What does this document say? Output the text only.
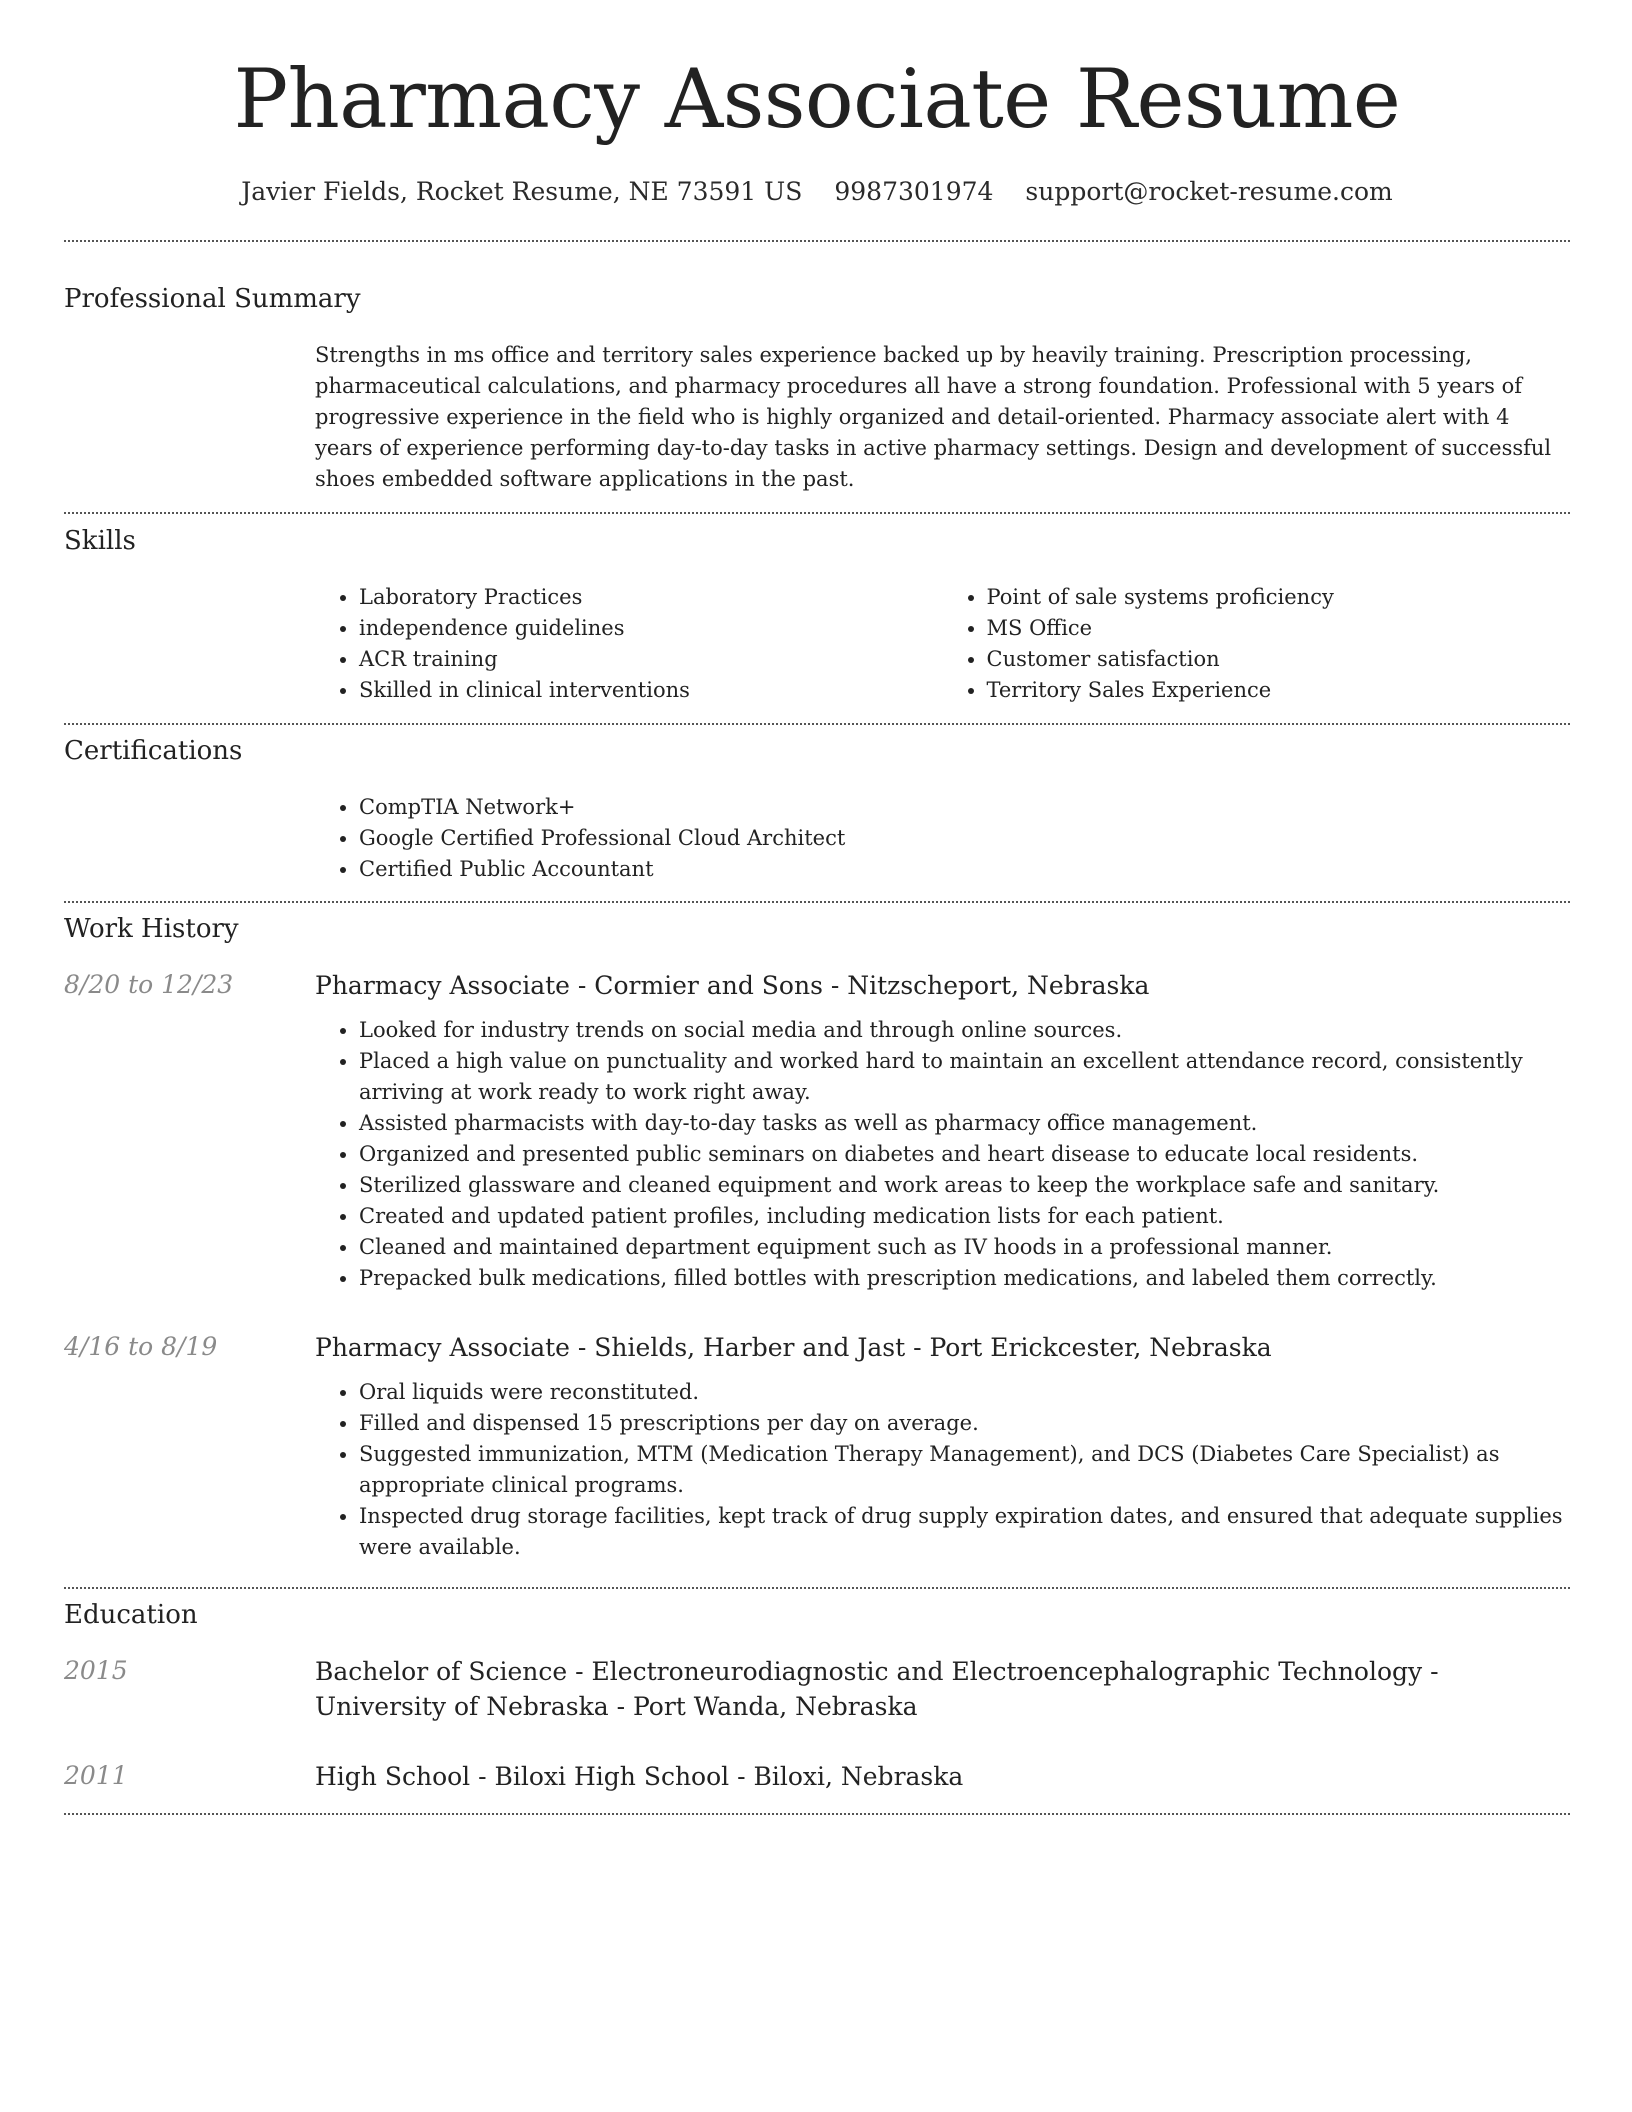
Pharmacy Associate Resume
Javier Fields, Rocket Resume, NE 73591 US 9987301974 support@rocket-resume.com
Professional Summary

Strengths in ms office and territory sales experience backed up by heavily training. Prescription processing, pharmaceutical calculations, and pharmacy procedures all have a strong foundation. Professional with 5 years of progressive experience in the field who is highly organized and detail-oriented. Pharmacy associate alert with 4 years of experience performing day-to-day tasks in active pharmacy settings. Design and development of successful shoes embedded software applications in the past.

Skills
• Laboratory Practices
• independence guidelines
• ACR training
• Skilled in clinical interventions
• Point of sale systems proficiency
• MS Office
• Customer satisfaction
• Territory Sales Experience
Certifications
• CompTIA Network+
• Google Certified Professional Cloud Architect
• Certified Public Accountant
Work History
8/20 to 12/23	Pharmacy Associate - Cormier and Sons - Nitzscheport, Nebraska
• Looked for industry trends on social media and through online sources.
• Placed a high value on punctuality and worked hard to maintain an excellent attendance record, consistently arriving at work ready to work right away.
• Assisted pharmacists with day-to-day tasks as well as pharmacy office management.
• Organized and presented public seminars on diabetes and heart disease to educate local residents.
• Sterilized glassware and cleaned equipment and work areas to keep the workplace safe and sanitary.
• Created and updated patient profiles, including medication lists for each patient.
• Cleaned and maintained department equipment such as IV hoods in a professional manner.
• Prepacked bulk medications, filled bottles with prescription medications, and labeled them correctly.
4/16 to 8/19	Pharmacy Associate - Shields, Harber and Jast - Port Erickcester, Nebraska
• Oral liquids were reconstituted.
• Filled and dispensed 15 prescriptions per day on average.
• Suggested immunization, MTM (Medication Therapy Management), and DCS (Diabetes Care Specialist) as appropriate clinical programs.
• Inspected drug storage facilities, kept track of drug supply expiration dates, and ensured that adequate supplies were available.
Education
2015	Bachelor of Science - Electroneurodiagnostic and Electroencephalographic Technology - University of Nebraska - Port Wanda, Nebraska
2011	High School - Biloxi High School - Biloxi, Nebraska
